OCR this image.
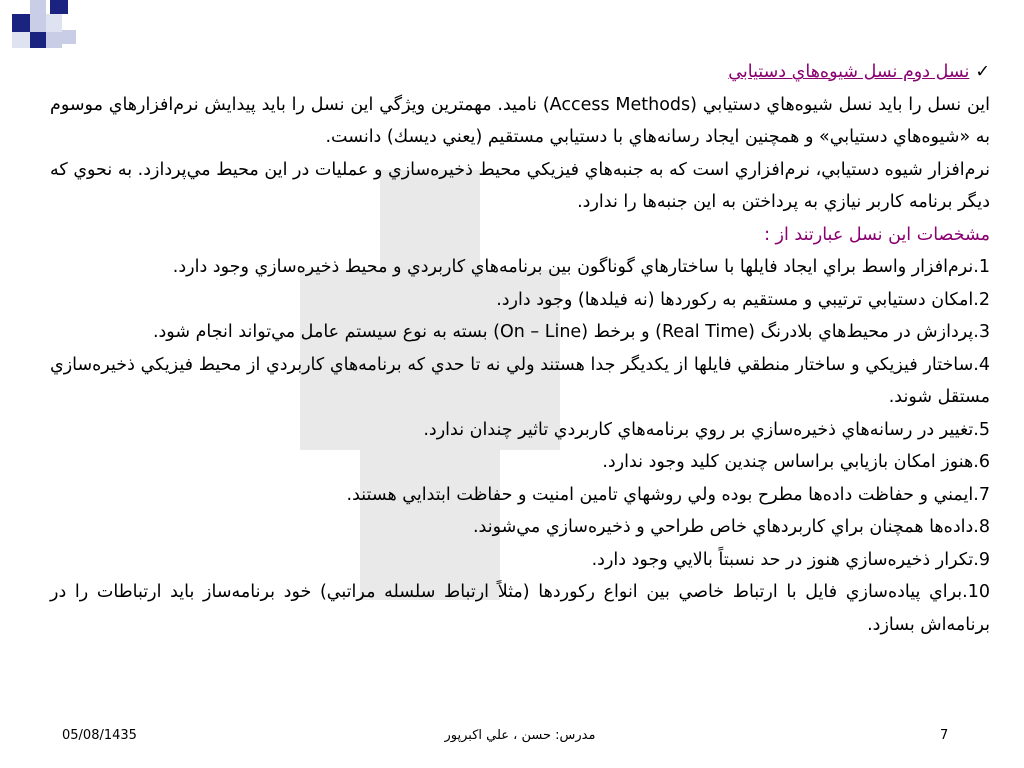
✓نسل دوم نسل شيوه‌هاي دستيابي

اين نسل را بايد نسل شيوه‌هاي دستيابي (Access Methods) ناميد. مهمترين ويژگي اين نسل را بايد پيدايش نرم‌افزارهاي موسوم به «شيوه‌هاي دستيابي» و همچنين ايجاد رسانه‌هاي با دستيابي مستقيم (يعني ديسك) دانست.

نرم‌افزار شيوه دستيابي، نرم‌افزاري است كه به جنبه‌هاي فيزيكي محيط ذخيره‌سازي و عمليات در اين محيط مي‌پردازد. به نحوي كه ديگر برنامه كاربر نيازي به پرداختن به اين جنبه‌ها را ندارد.

مشخصات اين نسل عبارتند از :

1.نرم‌افزار واسط براي ايجاد فايلها با ساختارهاي گوناگون بين برنامه‌هاي كاربردي و محيط ذخيره‌سازي وجود دارد.

2.امكان دستيابي ترتيبي و مستقيم به ركوردها (نه فيلدها) وجود دارد.

3.پردازش در محيط‌هاي بلادرنگ (Real Time) و برخط (On – Line) بسته به نوع سيستم عامل مي‌تواند انجام شود.

4.ساختار فيزيكي و ساختار منطقي فايلها از يكديگر جدا هستند ولي نه تا حدي كه برنامه‌هاي كاربردي از محيط فيزيكي ذخيره‌سازي مستقل شوند.

5.تغيير در رسانه‌هاي ذخيره‌سازي بر روي برنامه‌هاي كاربردي تاثير چندان ندارد.

6.هنوز امكان بازيابي براساس چندين كليد وجود ندارد.

7.ايمني و حفاظت داده‌ها مطرح بوده ولي روشهاي تامين امنيت و حفاظت ابتدايي هستند.

8.داده‌ها همچنان براي كاربردهاي خاص طراحي و ذخيره‌سازي مي‌شوند.

9.تكرار ذخيره‌سازي هنوز در حد نسبتاً بالايي وجود دارد.

10.براي پياده‌سازي فايل با ارتباط خاصي بين انواع ركوردها (مثلاً ارتباط سلسله مراتبي) خود برنامه‌ساز بايد ارتباطات را در برنامه‌اش بسازد.

05/08/1435	مدرس: حسن ، علي اكبرپور	7
